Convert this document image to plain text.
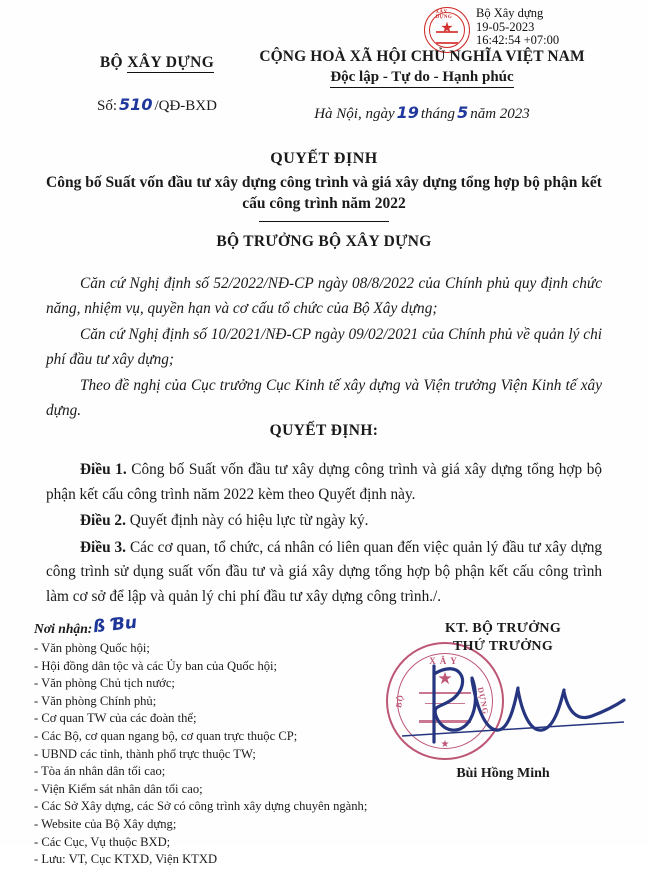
XÂY DỰNG
★
Bộ Xây dựng
19-05-2023
16:42:54 +07:00
BỘ XÂY DỰNG
Số: 510 /QĐ-BXD
CỘNG HOÀ XÃ HỘI CHỦ NGHĨA VIỆT NAM
Độc lập - Tự do - Hạnh phúc
Hà Nội, ngày 19 tháng 5 năm 2023
QUYẾT ĐỊNH
Công bố Suất vốn đầu tư xây dựng công trình và giá xây dựng tổng hợp bộ phận kết cấu công trình năm 2022
BỘ TRƯỞNG BỘ XÂY DỰNG

Căn cứ Nghị định số 52/2022/NĐ-CP ngày 08/8/2022 của Chính phủ quy định chức năng, nhiệm vụ, quyền hạn và cơ cấu tổ chức của Bộ Xây dựng;

Căn cứ Nghị định số 10/2021/NĐ-CP ngày 09/02/2021 của Chính phủ về quản lý chi phí đầu tư xây dựng;

Theo đề nghị của Cục trưởng Cục Kinh tế xây dựng và Viện trưởng Viện Kinh tế xây dựng.

QUYẾT ĐỊNH:

Điều 1. Công bố Suất vốn đầu tư xây dựng công trình và giá xây dựng tổng hợp bộ phận kết cấu công trình năm 2022 kèm theo Quyết định này.

Điều 2. Quyết định này có hiệu lực từ ngày ký.

Điều 3. Các cơ quan, tổ chức, cá nhân có liên quan đến việc quản lý đầu tư xây dựng công trình sử dụng suất vốn đầu tư và giá xây dựng tổng hợp bộ phận kết cấu công trình làm cơ sở để lập và quản lý chi phí đầu tư xây dựng công trình./.

Nơi nhận: ß Ɓu
- Văn phòng Quốc hội;
- Hội đồng dân tộc và các Ủy ban của Quốc hội;
- Văn phòng Chủ tịch nước;
- Văn phòng Chính phủ;
- Cơ quan TW của các đoàn thể;
- Các Bộ, cơ quan ngang bộ, cơ quan trực thuộc CP;
- UBND các tỉnh, thành phố trực thuộc TW;
- Tòa án nhân dân tối cao;
- Viện Kiểm sát nhân dân tối cao;
- Các Sở Xây dựng, các Sở có công trình xây dựng chuyên ngành;
- Website của Bộ Xây dựng;
- Các Cục, Vụ thuộc BXD;
- Lưu: VT, Cục KTXD, Viện KTXD
KT. BỘ TRƯỞNG
THỨ TRƯỞNG
XÂY
BỘ	DỰNG
★
★
Bùi Hồng Minh
